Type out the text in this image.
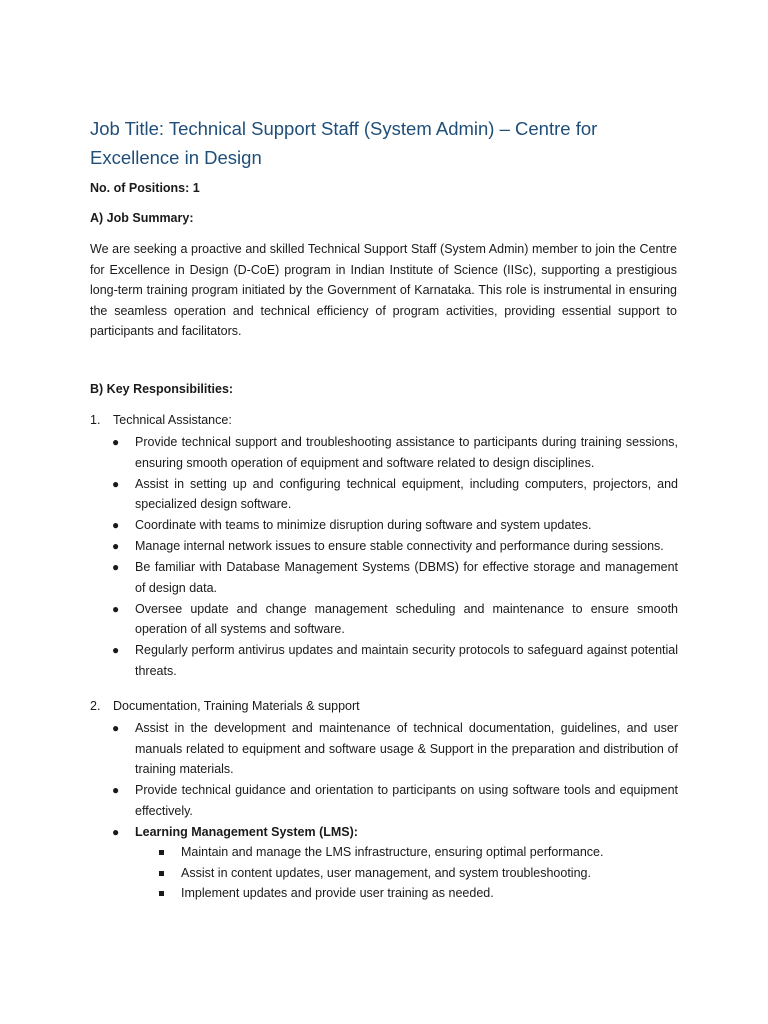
Job Title: Technical Support Staff (System Admin) – Centre for Excellence in Design

No. of Positions: 1

A) Job Summary:

We are seeking a proactive and skilled Technical Support Staff (System Admin) member to join the Centre for Excellence in Design (D-CoE) program in Indian Institute of Science (IISc), supporting a prestigious long-term training program initiated by the Government of Karnataka. This role is instrumental in ensuring the seamless operation and technical efficiency of program activities, providing essential support to participants and facilitators.

B) Key Responsibilities:

1. Technical Assistance:
● Provide technical support and troubleshooting assistance to participants during training sessions, ensuring smooth operation of equipment and software related to design disciplines.
● Assist in setting up and configuring technical equipment, including computers, projectors, and specialized design software.
● Coordinate with teams to minimize disruption during software and system updates.
● Manage internal network issues to ensure stable connectivity and performance during sessions.
● Be familiar with Database Management Systems (DBMS) for effective storage and management of design data.
● Oversee update and change management scheduling and maintenance to ensure smooth operation of all systems and software.
● Regularly perform antivirus updates and maintain security protocols to safeguard against potential threats.
2. Documentation, Training Materials & support
● Assist in the development and maintenance of technical documentation, guidelines, and user manuals related to equipment and software usage & Support in the preparation and distribution of training materials.
● Provide technical guidance and orientation to participants on using software tools and equipment effectively.
● Learning Management System (LMS):
Maintain and manage the LMS infrastructure, ensuring optimal performance.
Assist in content updates, user management, and system troubleshooting.
Implement updates and provide user training as needed.
